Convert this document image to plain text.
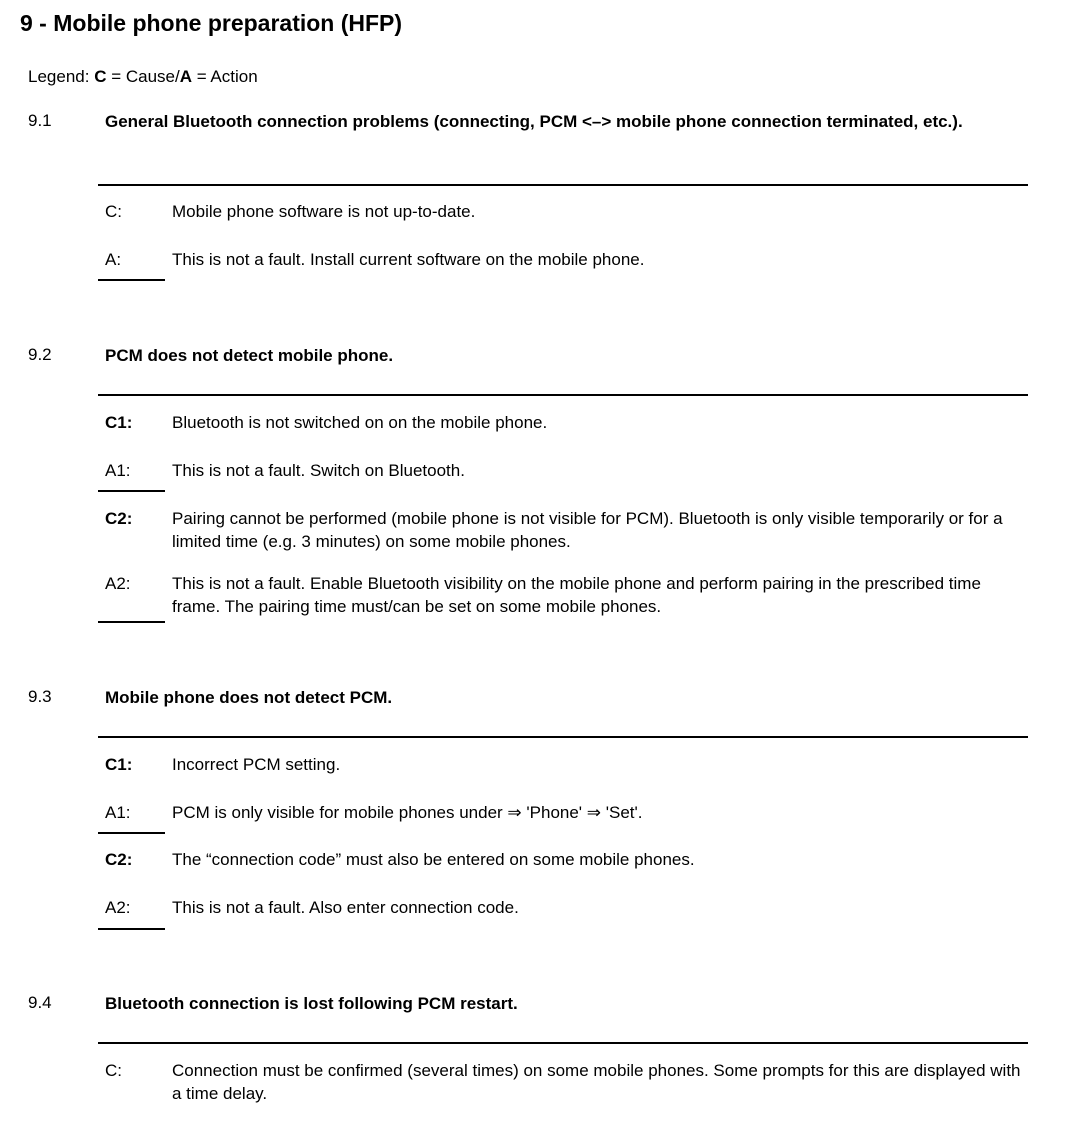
9 - Mobile phone preparation (HFP)
Legend: C = Cause/A = Action
9.1	General Bluetooth connection problems (connecting, PCM <–> mobile phone connection terminated, etc.).
C:	Mobile phone software is not up-to-date.
A:	This is not a fault. Install current software on the mobile phone.
9.2	PCM does not detect mobile phone.
C1: Bluetooth is not switched on on the mobile phone.
A1: This is not a fault. Switch on Bluetooth.
C2: Pairing cannot be performed (mobile phone is not visible for PCM). Bluetooth is only visible temporarily or for a limited time (e.g. 3 minutes) on some mobile phones.
A2: This is not a fault. Enable Bluetooth visibility on the mobile phone and perform pairing in the prescribed time frame. The pairing time must/can be set on some mobile phones.
9.3	Mobile phone does not detect PCM.
C1: Incorrect PCM setting.
A1: PCM is only visible for mobile phones under ⇒ 'Phone' ⇒ 'Set'.
C2: The “connection code” must also be entered on some mobile phones.
A2: This is not a fault. Also enter connection code.
9.4	Bluetooth connection is lost following PCM restart.
C:	Connection must be confirmed (several times) on some mobile phones. Some prompts for this are displayed with a time delay.
